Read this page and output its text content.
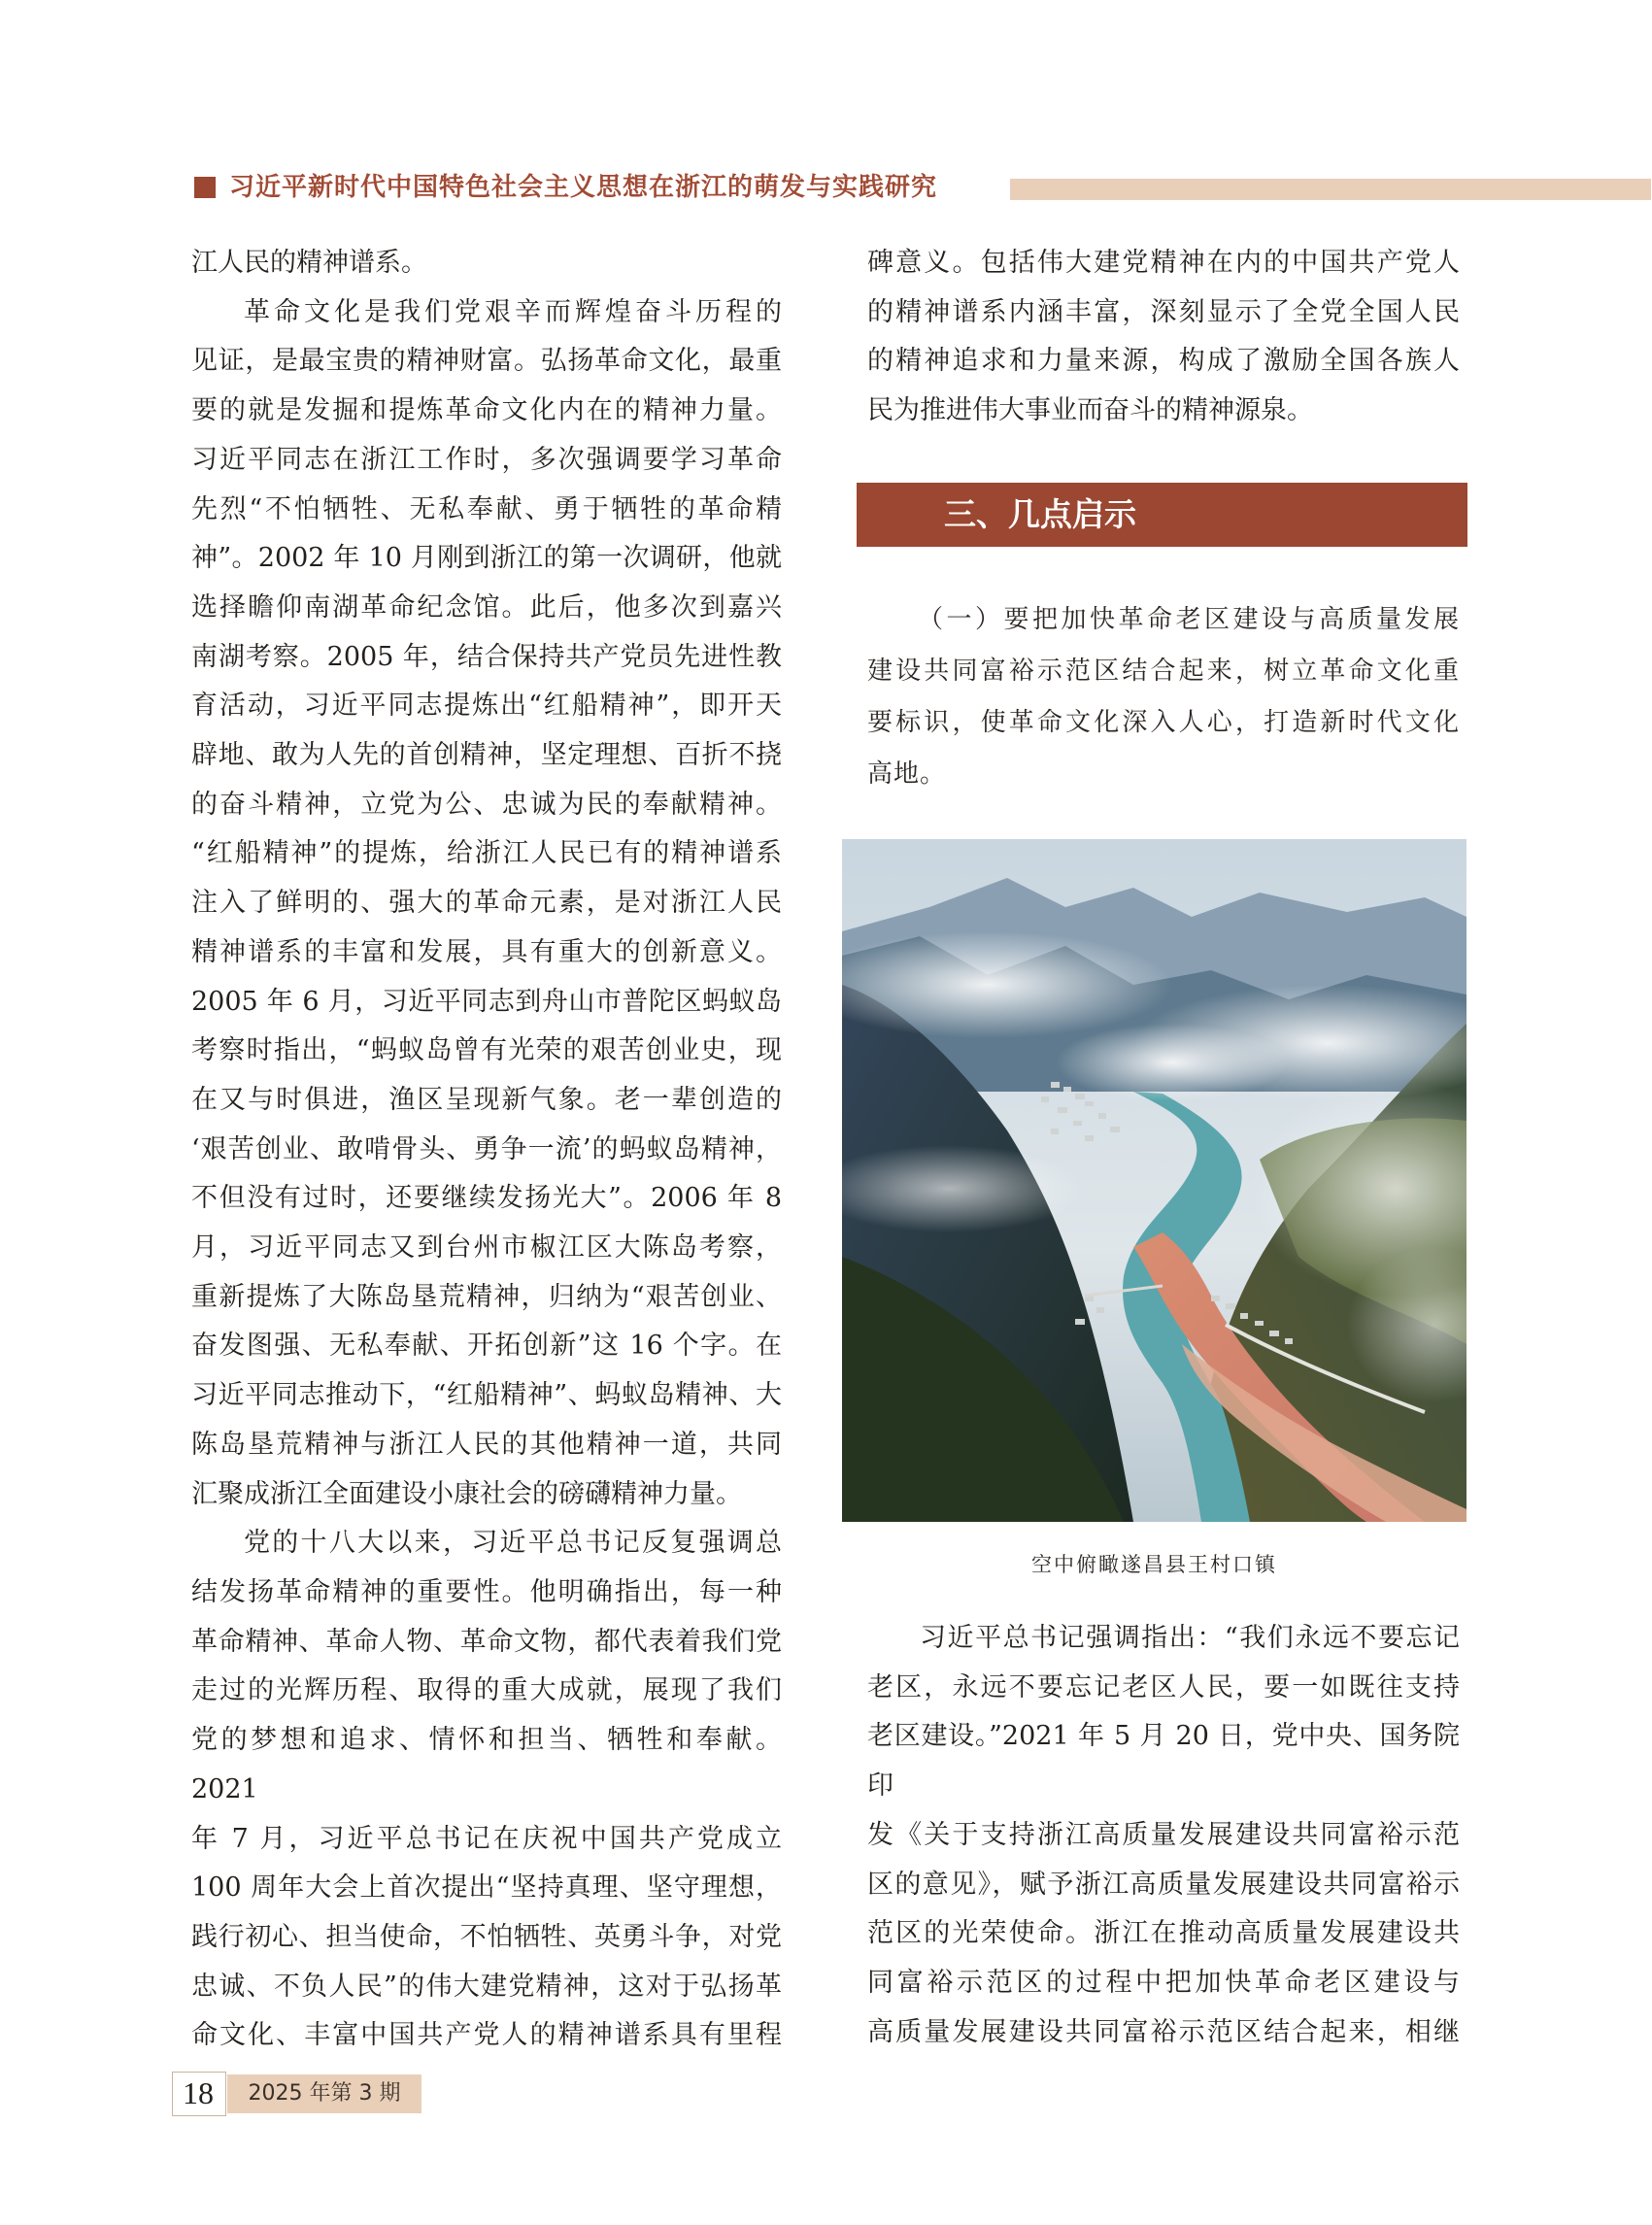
习近平新时代中国特色社会主义思想在浙江的萌发与实践研究

江人民的精神谱系。

革命文化是我们党艰辛而辉煌奋斗历程的

见证，是最宝贵的精神财富。弘扬革命文化，最重

要的就是发掘和提炼革命文化内在的精神力量。

习近平同志在浙江工作时，多次强调要学习革命

先烈“不怕牺牲、无私奉献、勇于牺牲的革命精

神”。2002 年 10 月刚到浙江的第一次调研，他就

选择瞻仰南湖革命纪念馆。此后，他多次到嘉兴

南湖考察。2005 年，结合保持共产党员先进性教

育活动，习近平同志提炼出“红船精神”，即开天

辟地、敢为人先的首创精神，坚定理想、百折不挠

的奋斗精神，立党为公、忠诚为民的奉献精神。

“红船精神”的提炼，给浙江人民已有的精神谱系

注入了鲜明的、强大的革命元素，是对浙江人民

精神谱系的丰富和发展，具有重大的创新意义。

2005 年 6 月，习近平同志到舟山市普陀区蚂蚁岛

考察时指出，“蚂蚁岛曾有光荣的艰苦创业史，现

在又与时俱进，渔区呈现新气象。老一辈创造的

‘艰苦创业、敢啃骨头、勇争一流’的蚂蚁岛精神，

不但没有过时，还要继续发扬光大”。2006 年 8

月，习近平同志又到台州市椒江区大陈岛考察，

重新提炼了大陈岛垦荒精神，归纳为“艰苦创业、

奋发图强、无私奉献、开拓创新”这 16 个字。在

习近平同志推动下，“红船精神”、蚂蚁岛精神、大

陈岛垦荒精神与浙江人民的其他精神一道，共同

汇聚成浙江全面建设小康社会的磅礴精神力量。

党的十八大以来，习近平总书记反复强调总

结发扬革命精神的重要性。他明确指出，每一种

革命精神、革命人物、革命文物，都代表着我们党

走过的光辉历程、取得的重大成就，展现了我们

党的梦想和追求、情怀和担当、牺牲和奉献。2021

年 7 月，习近平总书记在庆祝中国共产党成立

100 周年大会上首次提出“坚持真理、坚守理想，

践行初心、担当使命，不怕牺牲、英勇斗争，对党

忠诚、不负人民”的伟大建党精神，这对于弘扬革

命文化、丰富中国共产党人的精神谱系具有里程

碑意义。包括伟大建党精神在内的中国共产党人

的精神谱系内涵丰富，深刻显示了全党全国人民

的精神追求和力量来源，构成了激励全国各族人

民为推进伟大事业而奋斗的精神源泉。

三、几点启示

（一）要把加快革命老区建设与高质量发展

建设共同富裕示范区结合起来，树立革命文化重

要标识，使革命文化深入人心，打造新时代文化

高地。

空中俯瞰遂昌县王村口镇

习近平总书记强调指出：“我们永远不要忘记

老区，永远不要忘记老区人民，要一如既往支持

老区建设。”2021 年 5 月 20 日，党中央、国务院印

发《关于支持浙江高质量发展建设共同富裕示范

区的意见》，赋予浙江高质量发展建设共同富裕示

范区的光荣使命。浙江在推动高质量发展建设共

同富裕示范区的过程中把加快革命老区建设与

高质量发展建设共同富裕示范区结合起来，相继

18	2025 年第 3 期
